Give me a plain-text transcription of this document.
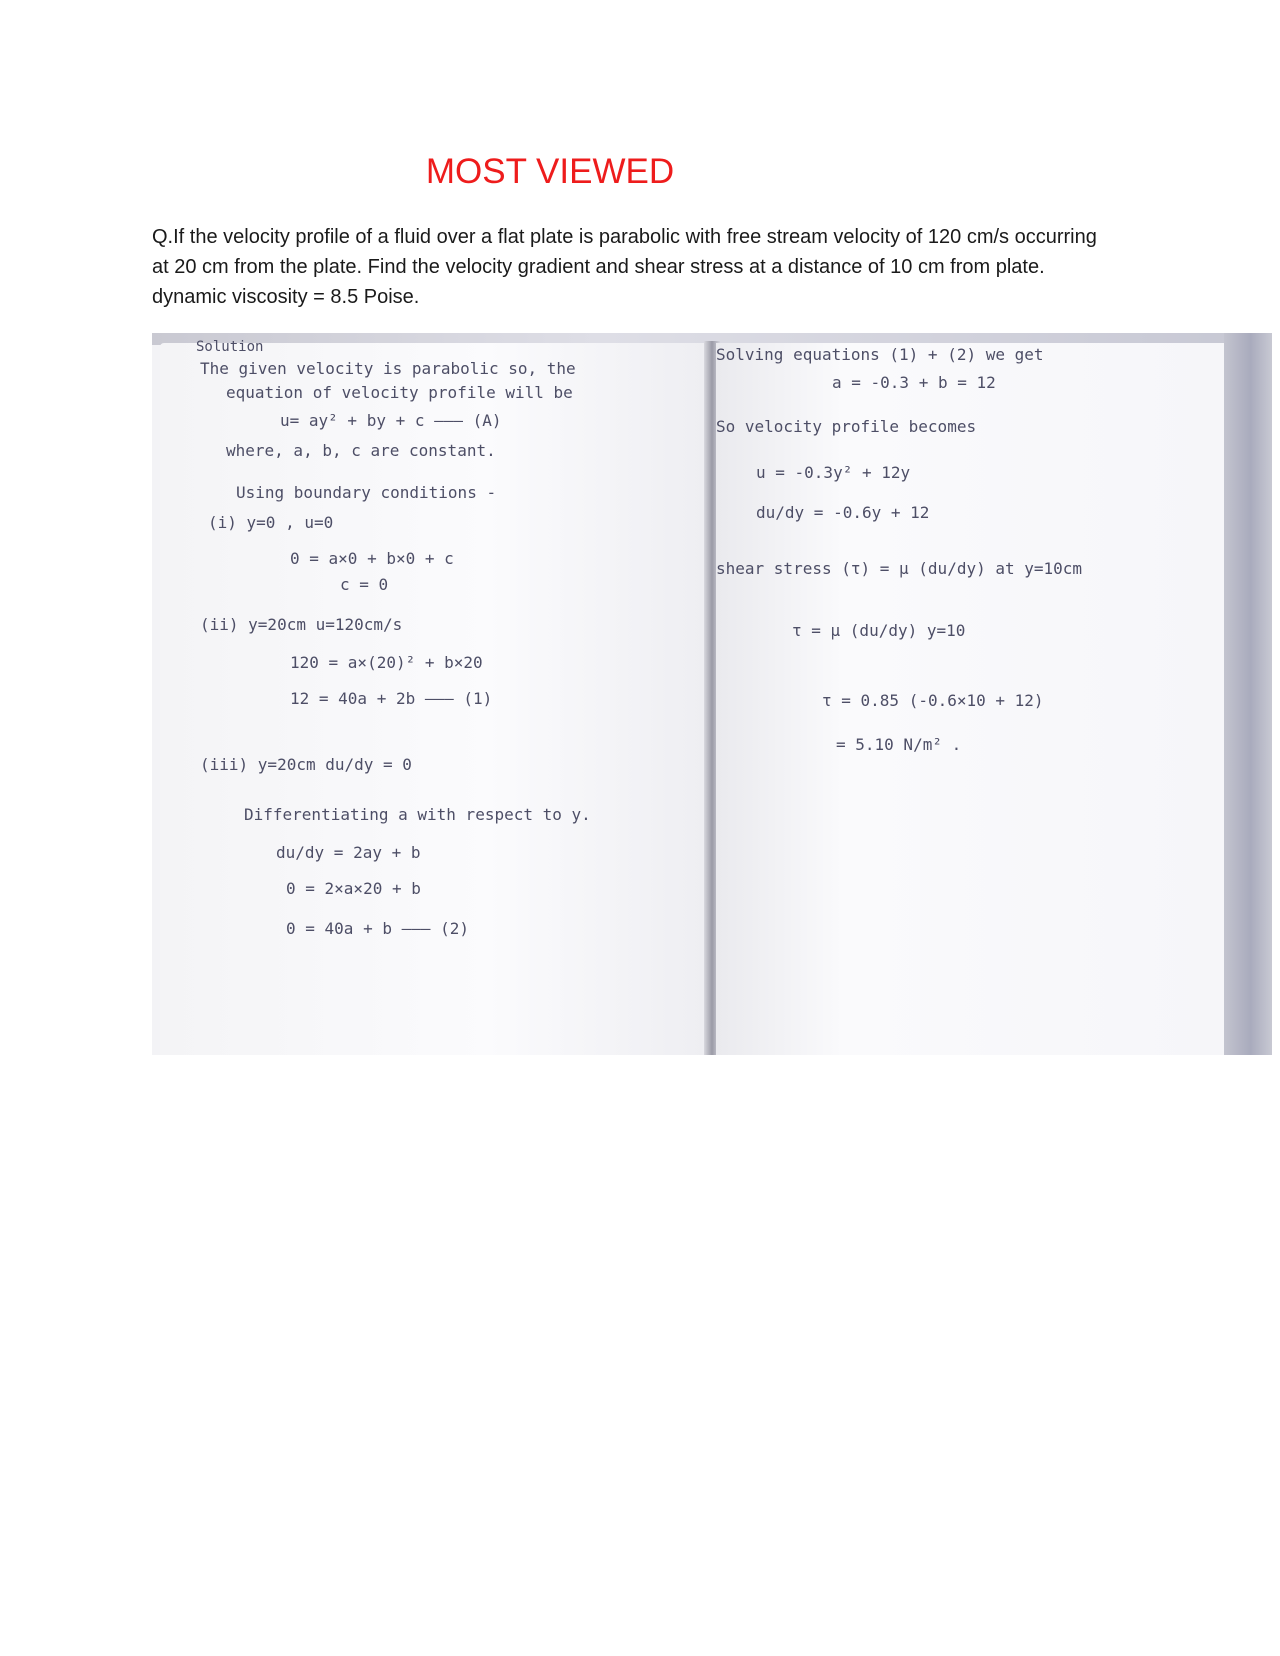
MOST VIEWED
Q.If the velocity profile of a fluid over a flat plate is parabolic with free stream velocity of 120 cm/s occurring at 20 cm from the plate. Find the velocity gradient and shear stress at a distance of 10 cm from plate. dynamic viscosity = 8.5 Poise.
Solution
The given velocity is parabolic so, the
equation of velocity profile will be
u= ay² + by + c ——— (A)
where, a, b, c are constant.
Using boundary conditions -
(i) y=0 , u=0
0 = a×0 + b×0 + c
c = 0
(ii) y=20cm u=120cm/s
120 = a×(20)² + b×20
12 = 40a + 2b ——— (1)
(iii) y=20cm du/dy = 0
Differentiating a with respect to y.
du/dy = 2ay + b
0 = 2×a×20 + b
0 = 40a + b ——— (2)
Solving equations (1) + (2) we get
a = -0.3 + b = 12
So velocity profile becomes
u = -0.3y² + 12y
du/dy = -0.6y + 12
shear stress (τ) = μ (du/dy) at y=10cm
τ = μ (du/dy) y=10
τ = 0.85 (-0.6×10 + 12)
= 5.10 N/m² .
